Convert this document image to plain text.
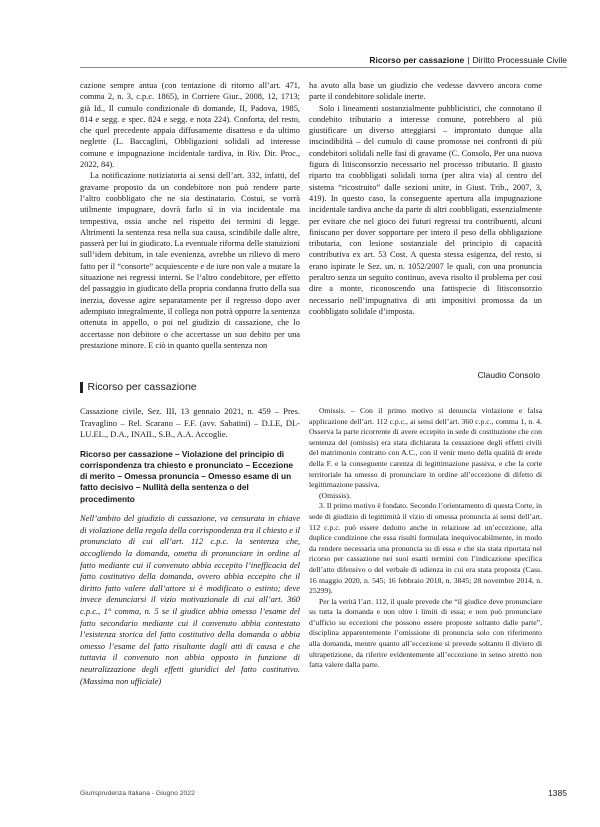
Ricorso per cassazione | Diritto Processuale Civile

cazione sempre antua (con tentazione di ritorno all’art. 471, comma 2, n. 3, c.p.c. 1865), in Corriere Giur., 2008, 12, 1713; già Id., Il cumulo condizionale di domande, II, Padova, 1985, 814 e segg. e spec. 824 e segg. e nota 224). Conforta, del resto, che quel precedente appaia diffusamente disatteso e da ultimo neglette (L. Baccaglini, Obbligazioni solidali ad interesse comune e impugnazione incidentale tardiva, in Riv. Dir. Proc., 2022, 84).

La notificazione notiziatoria ai sensi dell’art. 332, infatti, del gravame proposto da un condebitore non può rendere parte l’altro coobbligato che ne sia destinatario. Costui, se vorrà utilmente impugnare, dovrà farlo sì in via incidentale ma tempestiva, ossia anche nel rispetto dei termini di legge. Altrimenti la sentenza resa nella sua causa, scindibile dalle altre, passerà per lui in giudicato. La eventuale riforma delle statuizioni sull’idem debitum, in tale evenienza, avrebbe un rilievo di mero fatto per il “consorte” acquiescente e de iure non vale a mutare la situazione nei regressi interni. Se l’altro condebitore, per effetto del passaggio in giudicato della propria condanna frutto della sua inerzia, dovesse agire separatamente per il regresso dopo aver adempiuto integralmente, il collega non potrà opporre la sentenza ottenuta in appello, o poi nel giudizio di cassazione, che lo accertasse non debitore o che accertasse un suo debito per una prestazione minore. E ciò in quanto quella sentenza non

ha avuto alla base un giudizio che vedesse davvero ancora come parte il condebitore solidale inerte.

Solo i lineamenti sostanzialmente pubblicistici, che connotano il condebito tributario a interesse comune, potrebbero al più giustificare un diverso atteggiarsi – improntato dunque alla inscindibilità – del cumulo di cause promosse nei confronti di più condebitori solidali nelle fasi di gravame (C. Consolo, Per una nuova figura di litisconsorzio necessario nel processo tributario. Il giusto riparto tra coobbligati solidali torna (per altra via) al centro del sistema “ricostruito” dalle sezioni unite, in Giust. Trib., 2007, 3, 419). In questo caso, la conseguente apertura alla impugnazione incidentale tardiva anche da parte di altri coobbligati, essenzialmente per evitare che nel gioco dei futuri regressi tra contribuenti, alcuni finiscano per dover sopportare per intero il peso della obbligazione tributaria, con lesione sostanziale del principio di capacità contributiva ex art. 53 Cost. A questa stessa esigenza, del resto, si erano ispirate le Sez. un. n. 1052/2007 le quali, con una pronuncia peraltro senza un seguito continuo, aveva risolto il problema per così dire a monte, riconoscendo una fattispecie di litisconsorzio necessario nell’impugnativa di atti impositivi promossa da un coobbligato solidale d’imposta.

Claudio Consolo
Ricorso per cassazione

Cassazione civile, Sez. III, 13 gennaio 2021, n. 459 – Pres. Travaglino – Rel. Scarano – F.F. (avv. Sabatini) – D.LE, DL-LU.EL., D.A., INAIL, S.B., A.A. Accoglie.

Ricorso per cassazione – Violazione del principio di corrispondenza tra chiesto e pronunciato – Eccezione di merito – Omessa pronuncia – Omesso esame di un fatto decisivo – Nullità della sentenza o del procedimento

Nell’ambito del giudizio di cassazione, va censurata in chiave di violazione della regola della corrispondenza tra il chiesto e il pronunciato di cui all’art. 112 c.p.c. la sentenza che, accogliendo la domanda, ometta di pronunciare in ordine al fatto mediante cui il convenuto abbia eccepito l’inefficacia del fatto costitutivo della domanda, ovvero abbia eccepito che il diritto fatto valere dall’attore si è modificato o estinto; deve invece denunciarsi il vizio motivazionale di cui all’art. 360 c.p.c., 1° comma, n. 5 se il giudice abbia omesso l’esame del fatto secondario mediante cui il convenuto abbia contestato l’esistenza storica del fatto costitutivo della domanda o abbia omesso l’esame del fatto risultante dagli atti di causa e che tuttavia il convenuto non abbia opposto in funzione di neutralizzazione degli effetti giuridici del fatto costitutivo. (Massima non ufficiale)

Omissis. – Con il primo motivo si denuncia violazione e falsa applicazione dell’art. 112 c.p.c., ai sensi dell’art. 360 c.p.c., comma 1, n. 4. Osserva la parte ricorrente di avere eccepito in sede di costituzione che con sentenza del (omissis) era stata dichiarata la cessazione degli effetti civili del matrimonio contratto con A.C., con il venir meno della qualità di erede della F. e la conseguente carenza di legittimazione passiva, e che la corte territoriale ha omesso di pronunciare in ordine all’eccezione di difetto di legittimazione passiva.

(Omissis).

3. Il primo motivo è fondato. Secondo l’orientamento di questa Corte, in sede di giudizio di legittimità il vizio di omessa pronuncia ai sensi dell’art. 112 c.p.c. può essere dedotto anche in relazione ad un’eccezione, alla duplice condizione che essa risulti formulata inequivocabilmente, in modo da rendere necessaria una pronuncia su di essa e che sia stata riportata nel ricorso per cassazione nei suoi esatti termini con l’indicazione specifica dell’atto difensivo o del verbale di udienza in cui era stata proposta (Cass. 16 maggio 2020, n. 545; 16 febbraio 2018, n. 3845; 28 novembre 2014, n. 25299).

Per la verità l’art. 112, il quale prevede che “il giudice deve pronunciare su tutta la domanda e non oltre i limiti di essa; e non può pronunciare d’ufficio su eccezioni che possono essere proposte soltanto dalle parte”, disciplina apparentemente l’omissione di pronuncia solo con riferimento alla domanda, mentre quanto all’eccezione si prevede soltanto il divieto di ultrapetizione, da riferire evidentemente all’eccezione in senso stretto non fatta valere dalla parte.

Giurisprudenza Italiana - Giugno 2022	1385
